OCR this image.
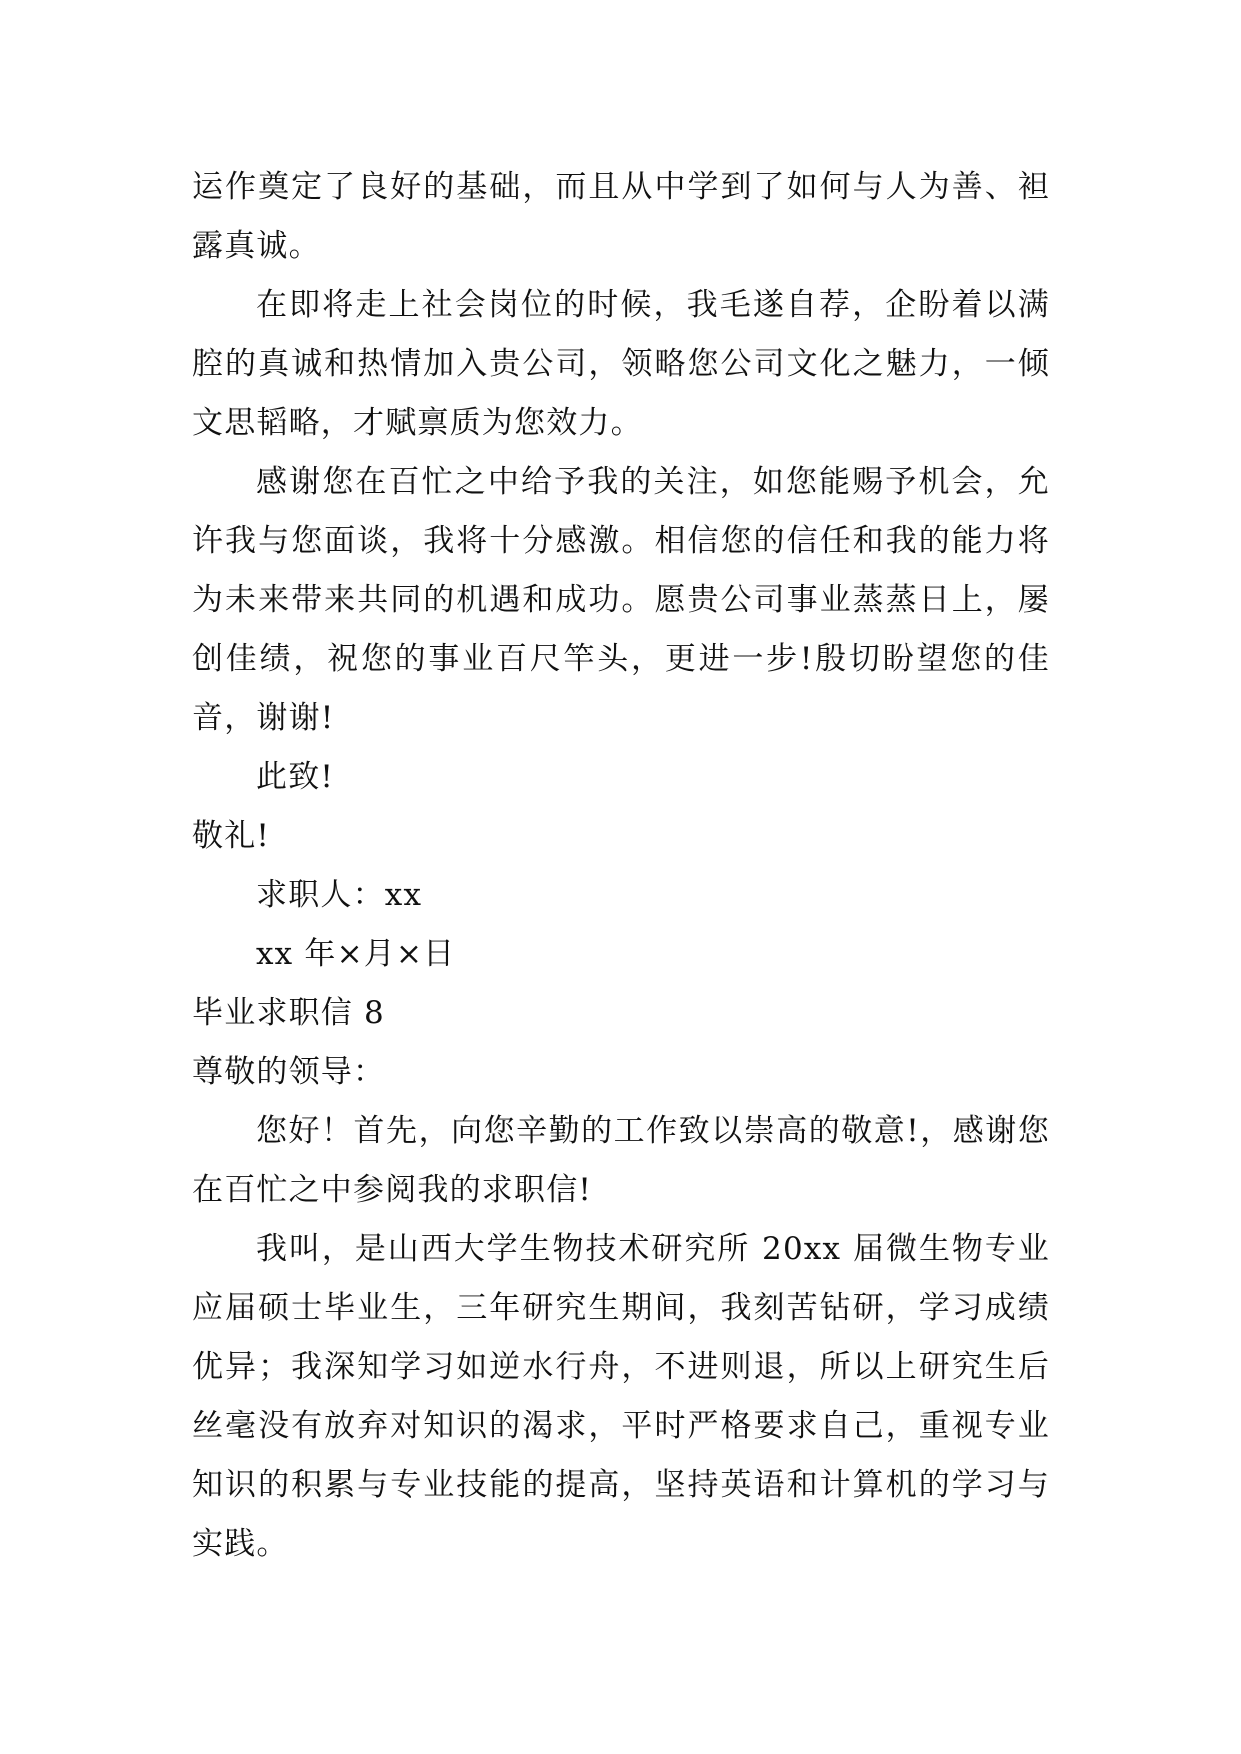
运作奠定了良好的基础，而且从中学到了如何与人为善、袒露真诚。

在即将走上社会岗位的时候，我毛遂自荐，企盼着以满腔的真诚和热情加入贵公司，领略您公司文化之魅力，一倾文思韬略，才赋禀质为您效力。

感谢您在百忙之中给予我的关注，如您能赐予机会，允许我与您面谈，我将十分感激。相信您的信任和我的能力将为未来带来共同的机遇和成功。愿贵公司事业蒸蒸日上，屡创佳绩，祝您的事业百尺竿头，更进一步!殷切盼望您的佳音，谢谢!

此致!

敬礼!

求职人：xx

xx 年×月×日

毕业求职信 8

尊敬的领导：

您好！首先，向您辛勤的工作致以崇高的敬意!，感谢您在百忙之中参阅我的求职信!

我叫，是山西大学生物技术研究所 20xx 届微生物专业应届硕士毕业生，三年研究生期间，我刻苦钻研，学习成绩优异；我深知学习如逆水行舟，不进则退，所以上研究生后丝毫没有放弃对知识的渴求，平时严格要求自己，重视专业知识的积累与专业技能的提高，坚持英语和计算机的学习与实践。
